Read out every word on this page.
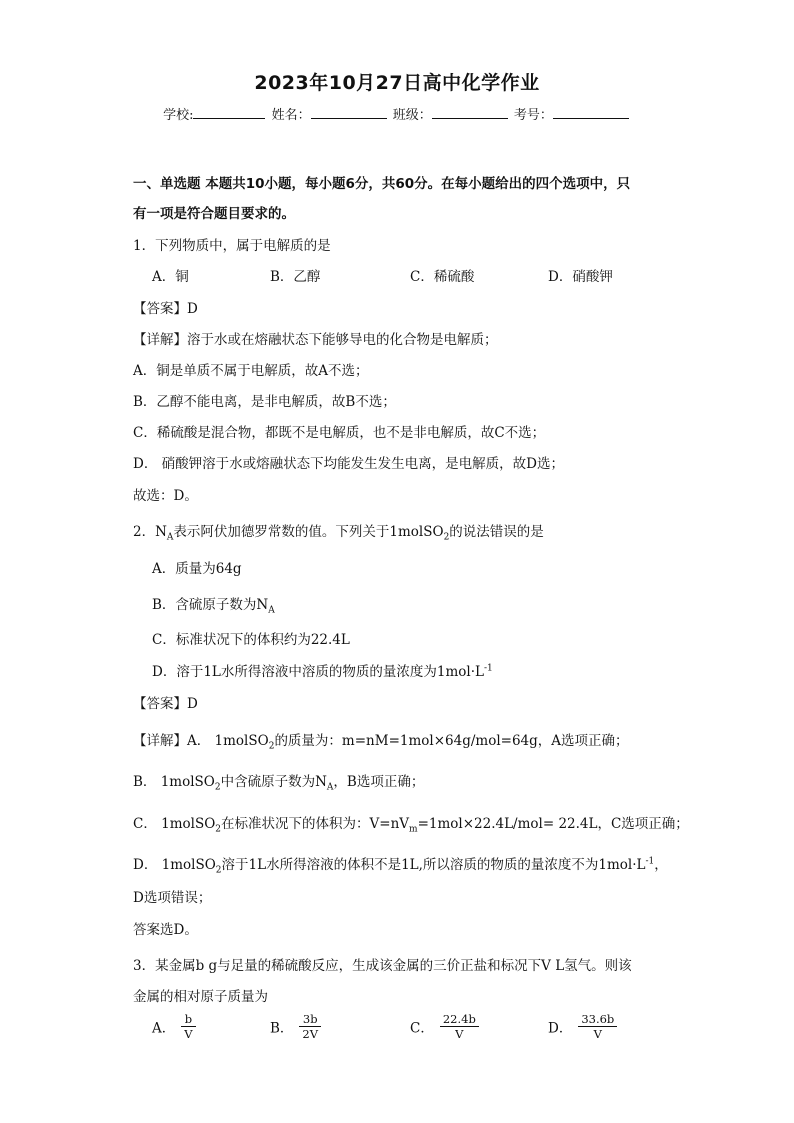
2023年10月27日高中化学作业
学校:	姓名：	班级：	考号：
一、单选题 本题共10小题，每小题6分，共60分。在每小题给出的四个选项中，只
有一项是符合题目要求的。
1．下列物质中，属于电解质的是
A．铜	B．乙醇	C．稀硫酸	D．硝酸钾
【答案】D
【详解】溶于水或在熔融状态下能够导电的化合物是电解质；
A．铜是单质不属于电解质，故A不选；
B．乙醇不能电离，是非电解质，故B不选；
C．稀硫酸是混合物，都既不是电解质，也不是非电解质，故C不选；
D． 硝酸钾溶于水或熔融状态下均能发生发生电离，是电解质，故D选；
故选：D。
2．$N_A$表示阿伏加德罗常数的值。下列关于1molSO$_2$的说法错误的是
A．质量为64g
B．含硫原子数为$N_A$
C．标准状况下的体积约为22.4L
D．溶于1L水所得溶液中溶质的物质的量浓度为$1mol\cdot L^{-1}$
【答案】D
【详解】A． 1molSO$_2$的质量为：m=nM=1mol×64g/mol=64g，A选项正确；
B． 1molSO$_2$中含硫原子数为$N_A$，B选项正确；
C． 1molSO$_2$在标准状况下的体积为：$V=nV_m=1mol\times 22.4L/mol= 22.4L$，C选项正确；
D． 1molSO$_2$溶于1L水所得溶液的体积不是1L,所以溶质的物质的量浓度不为$1mol\cdot L^{-1}$，
D选项错误；
答案选D。
3．某金属b g与足量的稀硫酸反应，生成该金属的三价正盐和标况下V L氢气。则该
金属的相对原子质量为
A． $\frac{b}{V}$	B． $\frac{3b}{2V}$	C． $\frac{22.4b}{V}$	D． $\frac{33.6b}{V}$
